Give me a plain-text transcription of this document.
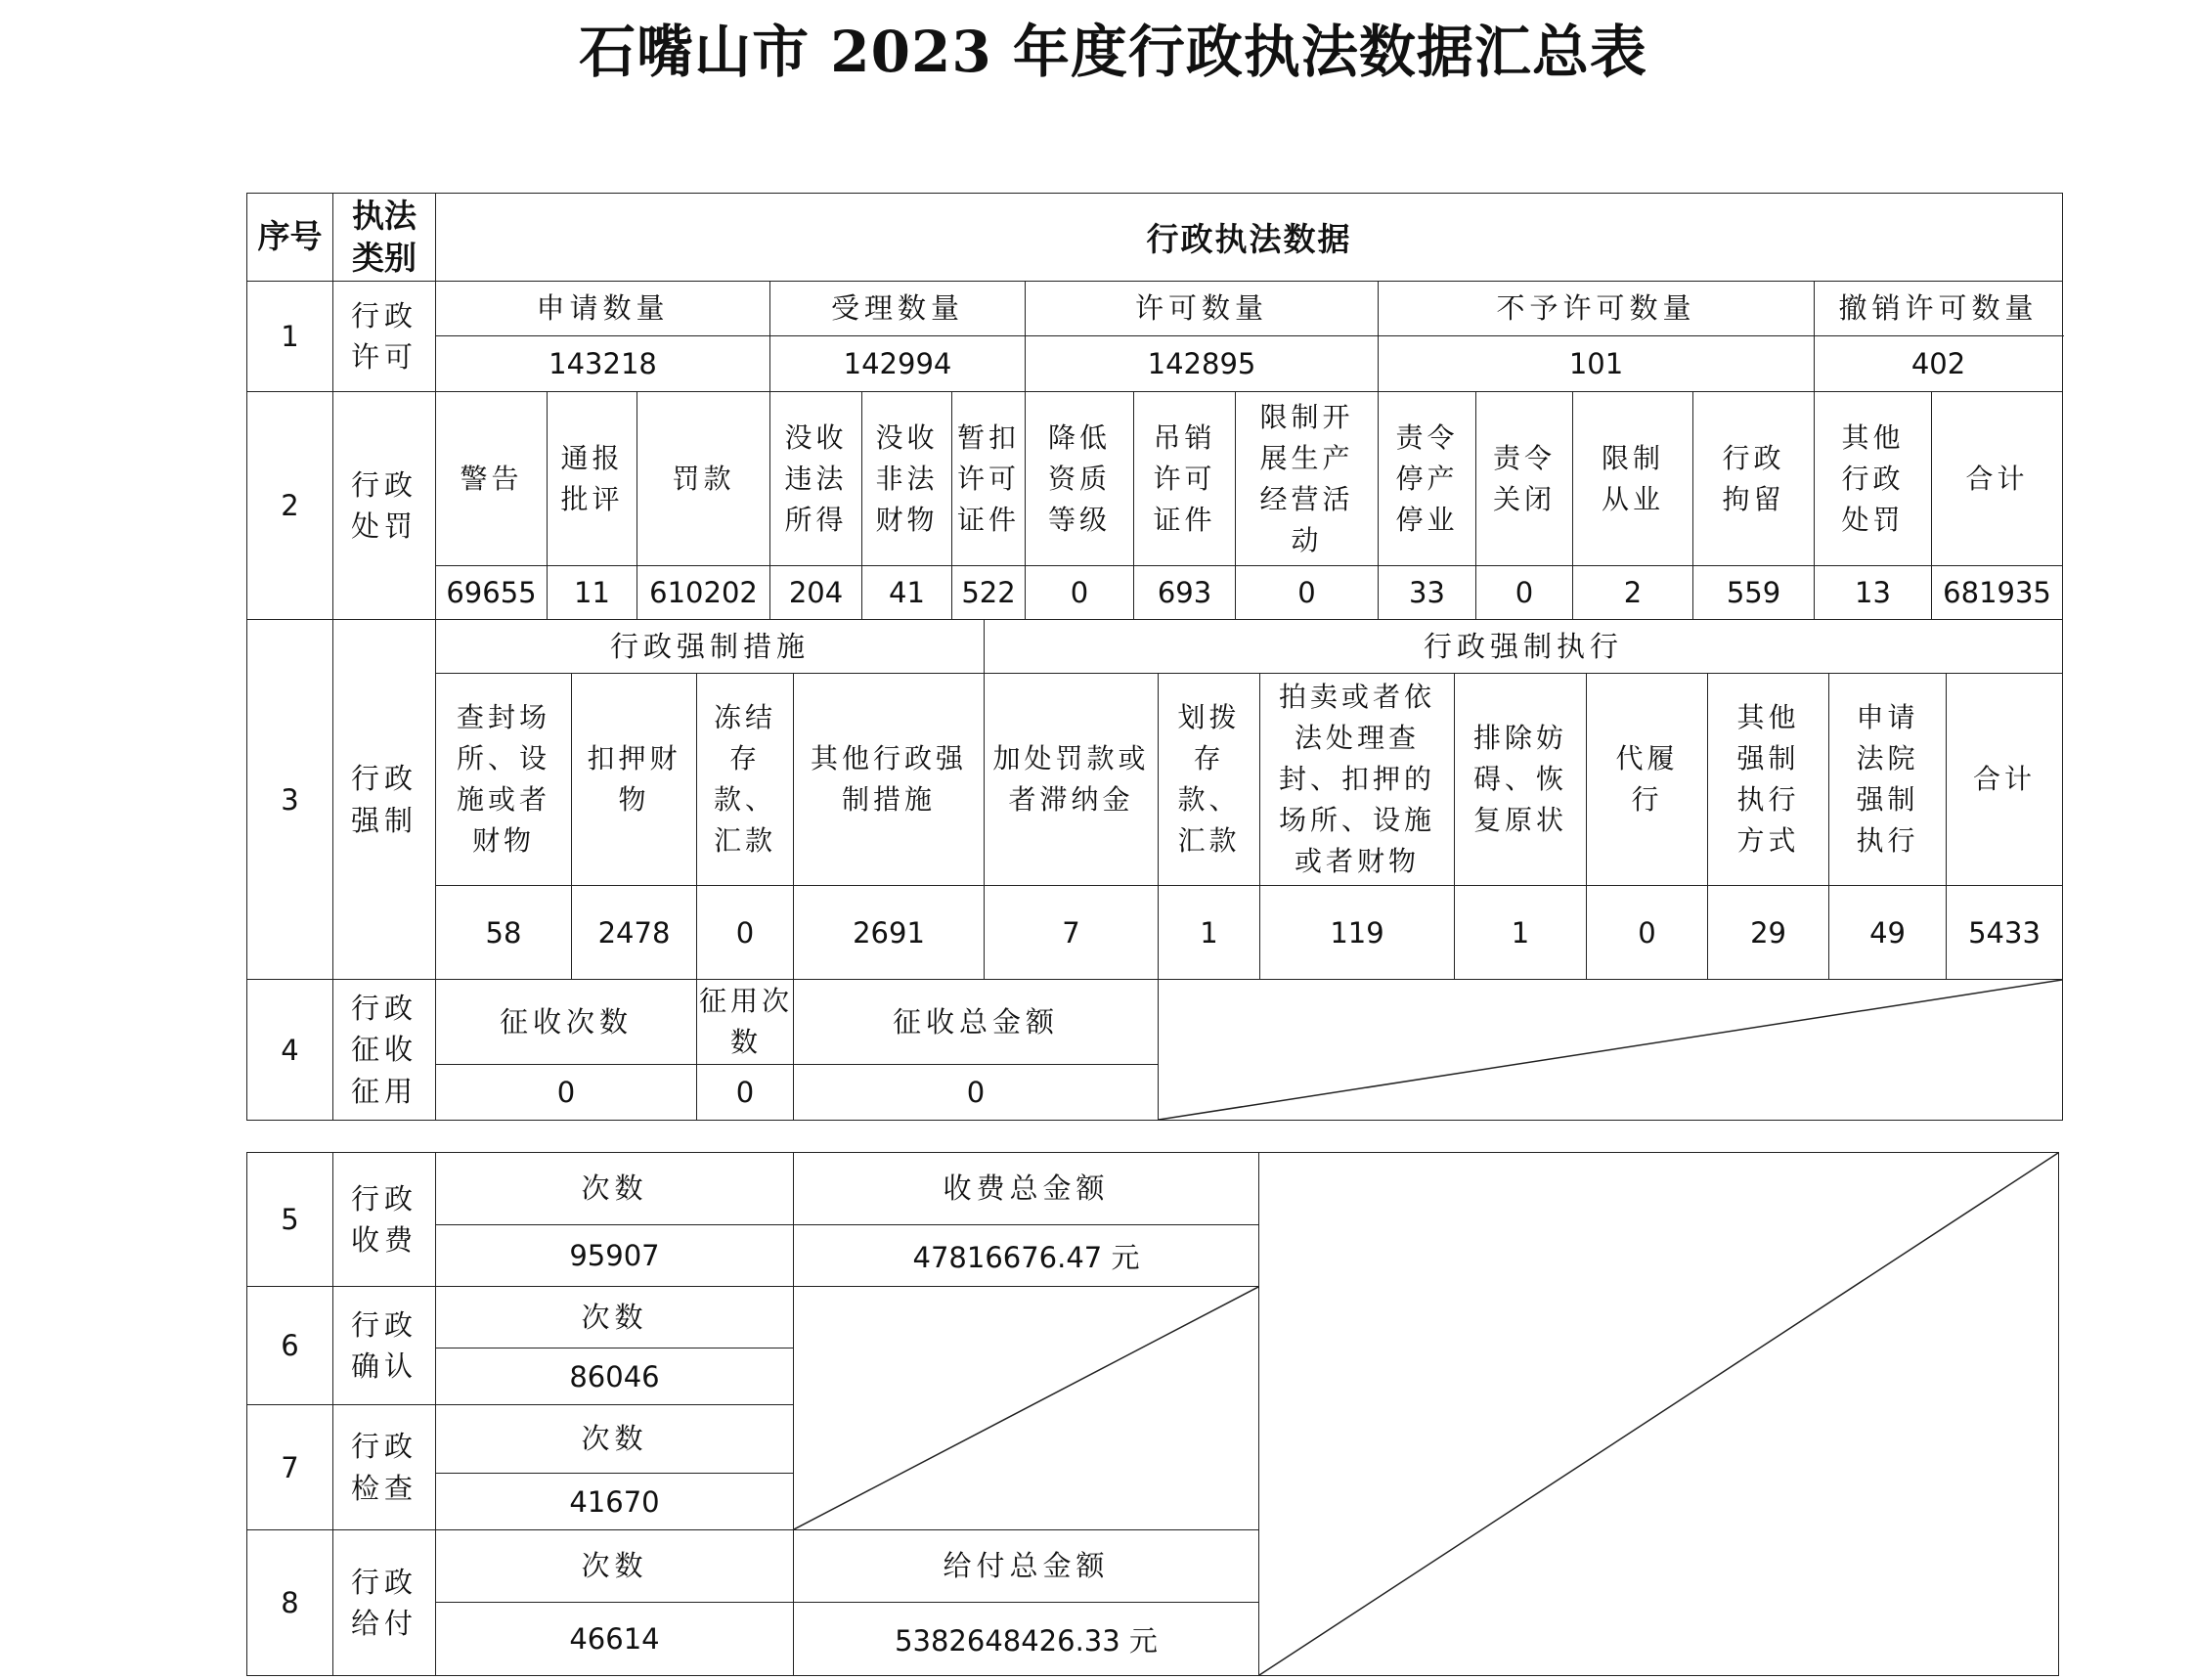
石嘴山市 2023 年度行政执法数据汇总表
序号	执法类别	行政执法数据														
1	行政许可	申请数量			受理数量			许可数量			不予许可数量				撤销许可数量	
		143218			142994			142895			101				402	
2	行政处罚	警告	通报批评	罚款	没收违法所得	没收非法财物	暂扣许可证件	降低资质等级	吊销许可证件	限制开展生产经营活动	责令停产停业	责令关闭	限制从业	行政拘留	其他行政处罚	合计
		69655	11	610202	204	41	522	0	693	0	33	0	2	559	13	681935
3	行政强制	行政强制措施				行政强制执行							
		查封场所、设施或者财物	扣押财物	冻结存款、汇款	其他行政强制措施	加处罚款或者滞纳金	划拨存款、汇款	拍卖或者依法处理查封、扣押的场所、设施或者财物	排除妨碍、恢复原状	代履行	其他强制执行方式	申请法院强制执行	合计
		58	2478	0	2691	7	1	119	1	0	29	49	5433
4	行政征收征用	征收次数		征用次数	征收总金额	

		0		0	0								
5	行政收费	次数	收费总金额	

		95907	47816676.47 元	
6	行政确认	次数	

		86046		
7	行政检查	次数		
		41670		
8	行政给付	次数	给付总金额	
		46614	5382648426.33 元	
